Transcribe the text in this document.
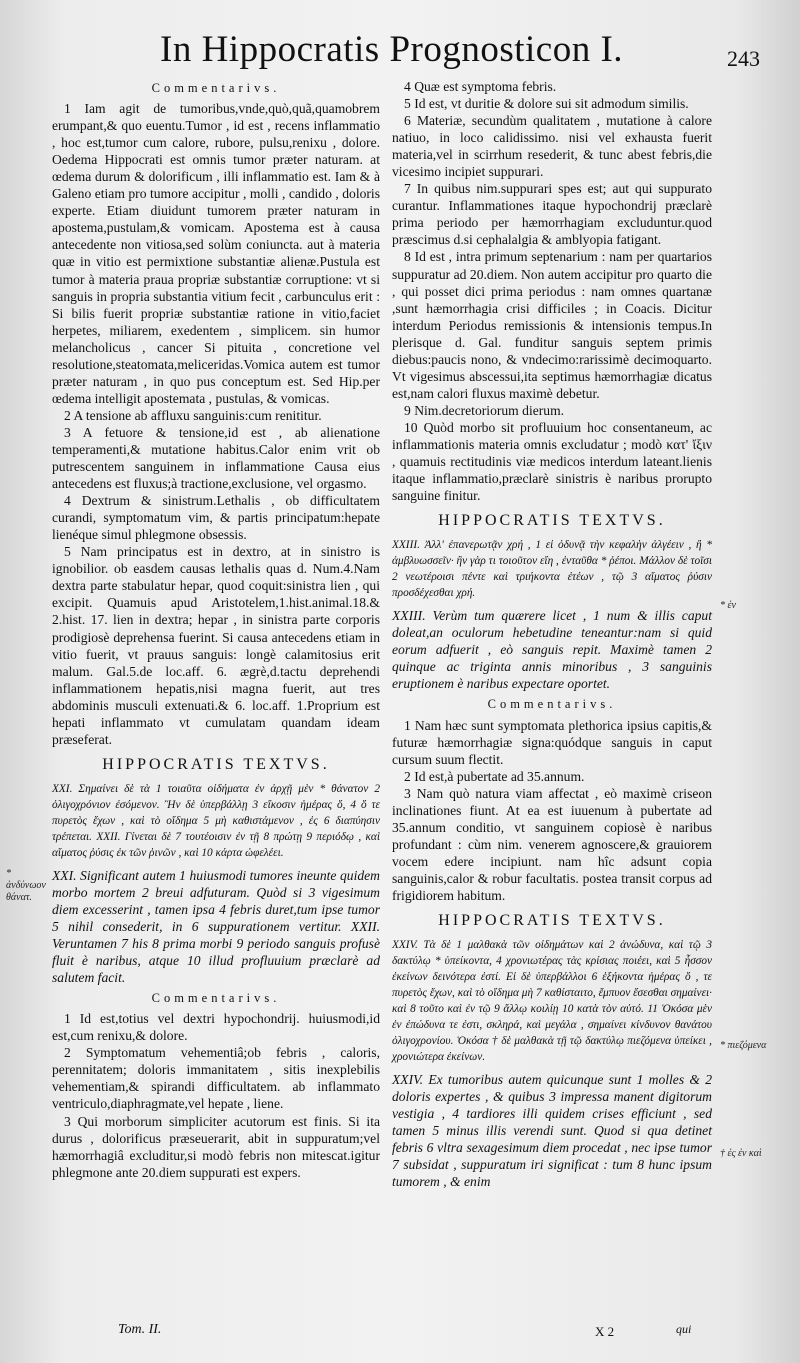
In Hippocratis Prognosticon I.	243

Commentarivs.

1 Iam agit de tumoribus,vnde,quò,quã,quamobrem erumpant,& quo euentu.Tumor , id est , recens inflammatio , hoc est,tumor cum calore, rubore, pulsu,renixu , dolore. Oedema Hippocrati est omnis tumor præter naturam. at œdema durum & dolorificum , illi inflammatio est. Iam & à Galeno etiam pro tumore accipitur , molli , candido , doloris experte. Etiam diuidunt tumorem præter naturam in apostema,pustulam,& vomicam. Apostema est à causa antecedente non vitiosa,sed solùm coniuncta. aut à materia quæ in vitio est permixtione substantiæ alienæ.Pustula est tumor à materia praua propriæ substantiæ corruptione: vt si sanguis in propria substantia vitium fecit , carbunculus erit : Si bilis fuerit propriæ substantiæ ratione in vitio,faciet herpetes, miliarem, exedentem , simplicem. sin humor melancholicus , cancer Si pituita , concretione vel resolutione,steatomata,meliceridas.Vomica autem est tumor præter naturam , in quo pus conceptum est. Sed Hip.per œdema intelligit apostemata , pustulas, & vomicas.

2 A tensione ab affluxu sanguinis:cum renititur.

3 A fetuore & tensione,id est , ab alienatione temperamenti,& mutatione habitus.Calor enim vrit ob putrescentem sanguinem in inflammatione Causa eius antecedens est fluxus;à tractione,exclusione, vel orgasmo.

4 Dextrum & sinistrum.Lethalis , ob difficultatem curandi, symptomatum vim, & partis principatum:hepate lienéque simul phlegmone obsessis.

5 Nam principatus est in dextro, at in sinistro is ignobilior. ob easdem causas lethalis quas d. Num.4.Nam dextra parte stabulatur hepar, quod coquit:sinistra lien , qui excipit. Quamuis apud Aristotelem,1.hist.animal.18.& 2.hist. 17. lien in dextra; hepar , in sinistra parte corporis prodigiosè deprehensa fuerint. Si causa antecedens etiam in vitio fuerit, vt prauus sanguis: longè calamitosius erit malum. Gal.5.de loc.aff. 6. ægrè,d.tactu deprehendi inflammationem hepatis,nisi magna fuerit, aut tres abdominis musculi extenuati.& 6. loc.aff. 1.Proprium est hepati inflammato vt cumulatam quandam ideam præseferat.

HIPPOCRATIS TEXTVS.

XXI. Σημαίνει δὲ τὰ 1 τοιαῦτα οἰδήματα ἐν ἀρχῇ μὲν * θάνατον 2 ὀλιγοχρόνιον ἐσόμενον. Ἢν δὲ ὑπερβάλλῃ 3 εἴκοσιν ἡμέρας ὅ, 4 ὅ τε πυρετὸς ἔχων , καὶ τὸ οἴδημα 5 μὴ καθιστάμενον , ἐς 6 διαπύησιν τρέπεται. XXII. Γίνεται δὲ 7 τουτέοισιν ἐν τῇ 8 πρώτῃ 9 περιόδῳ , καὶ αἵματος ῥύσις ἐκ τῶν ῥινῶν , καὶ 10 κάρτα ὠφελέει.

XXI. Significant autem 1 huiusmodi tumores ineunte quidem morbo mortem 2 breui adfuturam. Quòd si 3 vigesimum diem excesserint , tamen ipsa 4 febris duret,tum ipse tumor 5 nihil consederit, in 6 suppurationem vertitur. XXII. Veruntamen 7 his 8 prima morbi 9 periodo sanguis profusè fluit è naribus, atque 10 illud profluuium præclarè ad salutem facit.

Commentarivs.

1 Id est,totius vel dextri hypochondrij. huiusmodi,id est,cum renixu,& dolore.

2 Symptomatum vehementiâ;ob febris , caloris, perennitatem; doloris immanitatem , sitis inexplebilis vehementiam,& spirandi difficultatem. ab inflammato ventriculo,diaphragmate,vel hepate , liene.

3 Qui morborum simpliciter acutorum est finis. Si ita durus , dolorificus præseuerarit, abit in suppuratum;vel hæmorrhagiâ excluditur,si modò febris non mitescat.igitur phlegmone ante 20.diem suppurati est expers.

4 Quæ est symptoma febris.

5 Id est, vt duritie & dolore sui sit admodum similis.

6 Materiæ, secundùm qualitatem , mutatione à calore natiuo, in loco calidissimo. nisi vel exhausta fuerit materia,vel in scirrhum resederit, & tunc abest febris,die vicesimo incipiet suppurari.

7 In quibus nim.suppurari spes est; aut qui suppurato curantur. Inflammationes itaque hypochondrij præclarè prima periodo per hæmorrhagiam excluduntur.quod præscimus d.si cephalalgia & amblyopia fatigant.

8 Id est , intra primum septenarium : nam per quartarios suppuratur ad 20.diem. Non autem accipitur pro quarto die , qui posset dici prima periodus : nam omnes quartanæ ,sunt hæmorrhagia crisi difficiles ; in Coacis. Dicitur interdum Periodus remissionis & intensionis tempus.In plerisque d. Gal. funditur sanguis septem primis diebus:paucis nono, & vndecimo:rarissimè decimoquarto. Vt vigesimus abscessui,ita septimus hæmorrhagiæ dicatus est,nam calori fluxus maximè debetur.

9 Nim.decretoriorum dierum.

10 Quòd morbo sit profluuium hoc consentaneum, ac inflammationis materia omnis excludatur ; modò κατ' ἴξιν , quamuis rectitudinis viæ medicos interdum lateant.lienis itaque inflammatio,præclarè sinistris è naribus prorupto sanguine finitur.

HIPPOCRATIS TEXTVS.

XXIII. Ἀλλ' ἐπανερωτᾷν χρή , 1 εἰ ὀδυνᾷ τὴν κεφαλὴν ἀλγέειν , ἢ * ἀμβλυωσσεῖν· ἢν γὰρ τι τοιοῦτον εἴη , ἐνταῦθα * ῥέποι. Μάλλον δὲ τοῖσι 2 νεωτέροισι πέντε καὶ τριήκοντα ἐτέων , τῷ 3 αἵματος ῥύσιν προσδέχεσθαι χρή.

XXIII. Verùm tum quærere licet , 1 num & illis caput doleat,an oculorum hebetudine teneantur:nam si quid eorum adfuerit , eò sanguis repit. Maximè tamen 2 quinque ac triginta annis minoribus , 3 sanguinis eruptionem è naribus expectare oportet.

Commentarivs.

1 Nam hæc sunt symptomata plethorica ipsius capitis,& futuræ hæmorrhagiæ signa:quódque sanguis in caput cursum suum flectit.

2 Id est,à pubertate ad 35.annum.

3 Nam quò natura viam affectat , eò maximè criseon inclinationes fiunt. At ea est iuuenum à pubertate ad 35.annum conditio, vt sanguinem copiosè è naribus profundant : cùm nim. venerem agnoscere,& grauiorem vocem edere incipiunt. nam hîc adsunt copia sanguinis,calor & robur facultatis. postea transit corpus ad frigidiorem habitum.

HIPPOCRATIS TEXTVS.

XXIV. Τὰ δὲ 1 μαλθακὰ τῶν οἰδημάτων καὶ 2 ἀνώδυνα, καὶ τῷ 3 δακτύλῳ * ὑπείκοντα, 4 χρονιωτέρας τὰς κρίσιας ποιέει, καὶ 5 ἧσσον ἐκείνων δεινότερα ἐστί. Εἰ δὲ ὑπερβάλλοι 6 ἑξήκοντα ἡμέρας ὅ , τε πυρετὸς ἔχων, καὶ τὸ οἴδημα μὴ 7 καθίσταιτο, ἔμπυον ἔσεσθαι σημαίνει· καὶ 8 τοῦτο καὶ ἐν τῷ 9 ἄλλῳ κοιλίῃ 10 κατὰ τὸν αὐτό. 11 Ὁκόσα μὲν ἐν ἐπώδυνα τε ἐστι, σκληρά, καὶ μεγάλα , σημαίνει κίνδυνον θανάτου ὀλιγοχρονίου. Ὁκόσα † δὲ μαλθακὰ τῇ τῷ δακτύλῳ πιεζόμενα ὑπείκει , χρονιώτερα ἐκείνων.

XXIV. Ex tumoribus autem quicunque sunt 1 molles & 2 doloris expertes , & quibus 3 impressa manent digitorum vestigia , 4 tardiores illi quidem crises efficiunt , sed tamen 5 minus illis verendi sunt. Quod si qua detinet febris 6 vltra sexagesimum diem procedat , nec ipse tumor 7 subsidat , suppuratum iri significat : tum 8 hunc ipsum tumorem , & enim

* ἀνδύνωον θάνατ.
* ἐν
* πιεζόμενα
† ἐς ἐν καὶ
Tom. II.	X 2	qui
